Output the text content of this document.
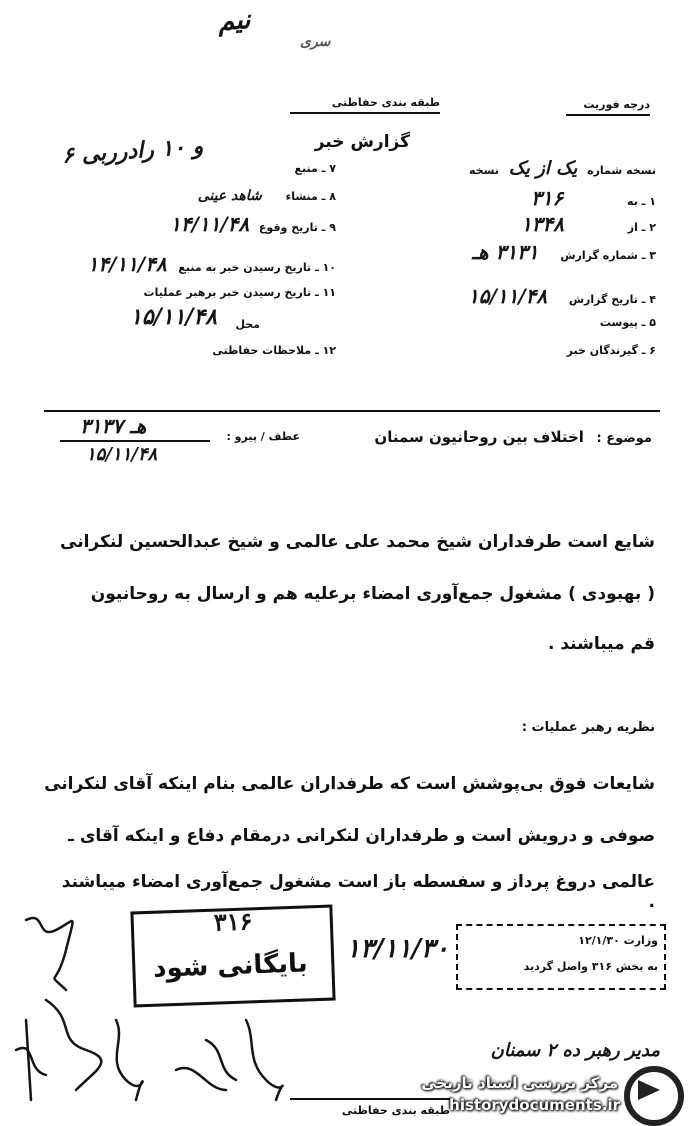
نیم
سری
طبقه بندی حفاظتی	درجه فوریت
گزارش خبر
نسخه شماره یک از یک نسخه
۱ ـ به ۳۱۶
۲ ـ از ۱۳۴۸
۳ ـ شماره گزارش ۳۱۳۱ هـ
۴ ـ تاریخ گزارش ۱۵/۱۱/۴۸
۵ ـ پیوست
۶ ـ گیرندگان خبر
۶ و ۱۰ رادرربی
۷ ـ منبع
۸ ـ منشاء شاهد عینی
۹ ـ تاریخ وقوع ۱۴/۱۱/۴۸
۱۰ ـ تاریخ رسیدن خبر به منبع ۱۴/۱۱/۴۸
۱۱ ـ تاریخ رسیدن خبر برهبر عملیات
۱۵/۱۱/۴۸	محل
۱۲ ـ ملاحظات حفاظتی
موضوع : اختلاف بین روحانیون سمنان
عطف / پیرو :
۳۱۳۷ هـ
۱۵/۱۱/۴۸
شایع است طرفداران شیخ محمد علی عالمی و شیخ عبدالحسین لنکرانی
( بهبودی ) مشغول جمع‌آوری امضاء برعلیه هم و ارسال به روحانیون
قم میباشند .
نظریه رهبر عملیات :
شایعات فوق بی‌پوشش است که طرفداران عالمی بنام اینکه آقای لنکرانی
صوفی و درویش است و طرفداران لنکرانی درمقام دفاع و اینکه آقای ـ
عالمی دروغ پرداز و سفسطه باز است مشغول جمع‌آوری امضاء میباشند .
۳۱۶
بایگانی شود
وزارت ۱۲/۱/۳۰
به بخش ۳۱۶ واصل گردید
۱۳/۱۱/۳۰
مدیر رهبر ده ۲ سمنان
طبقه بندی حفاظتی
مرکز بررسی اسناد تاریخی
historydocuments.ir
